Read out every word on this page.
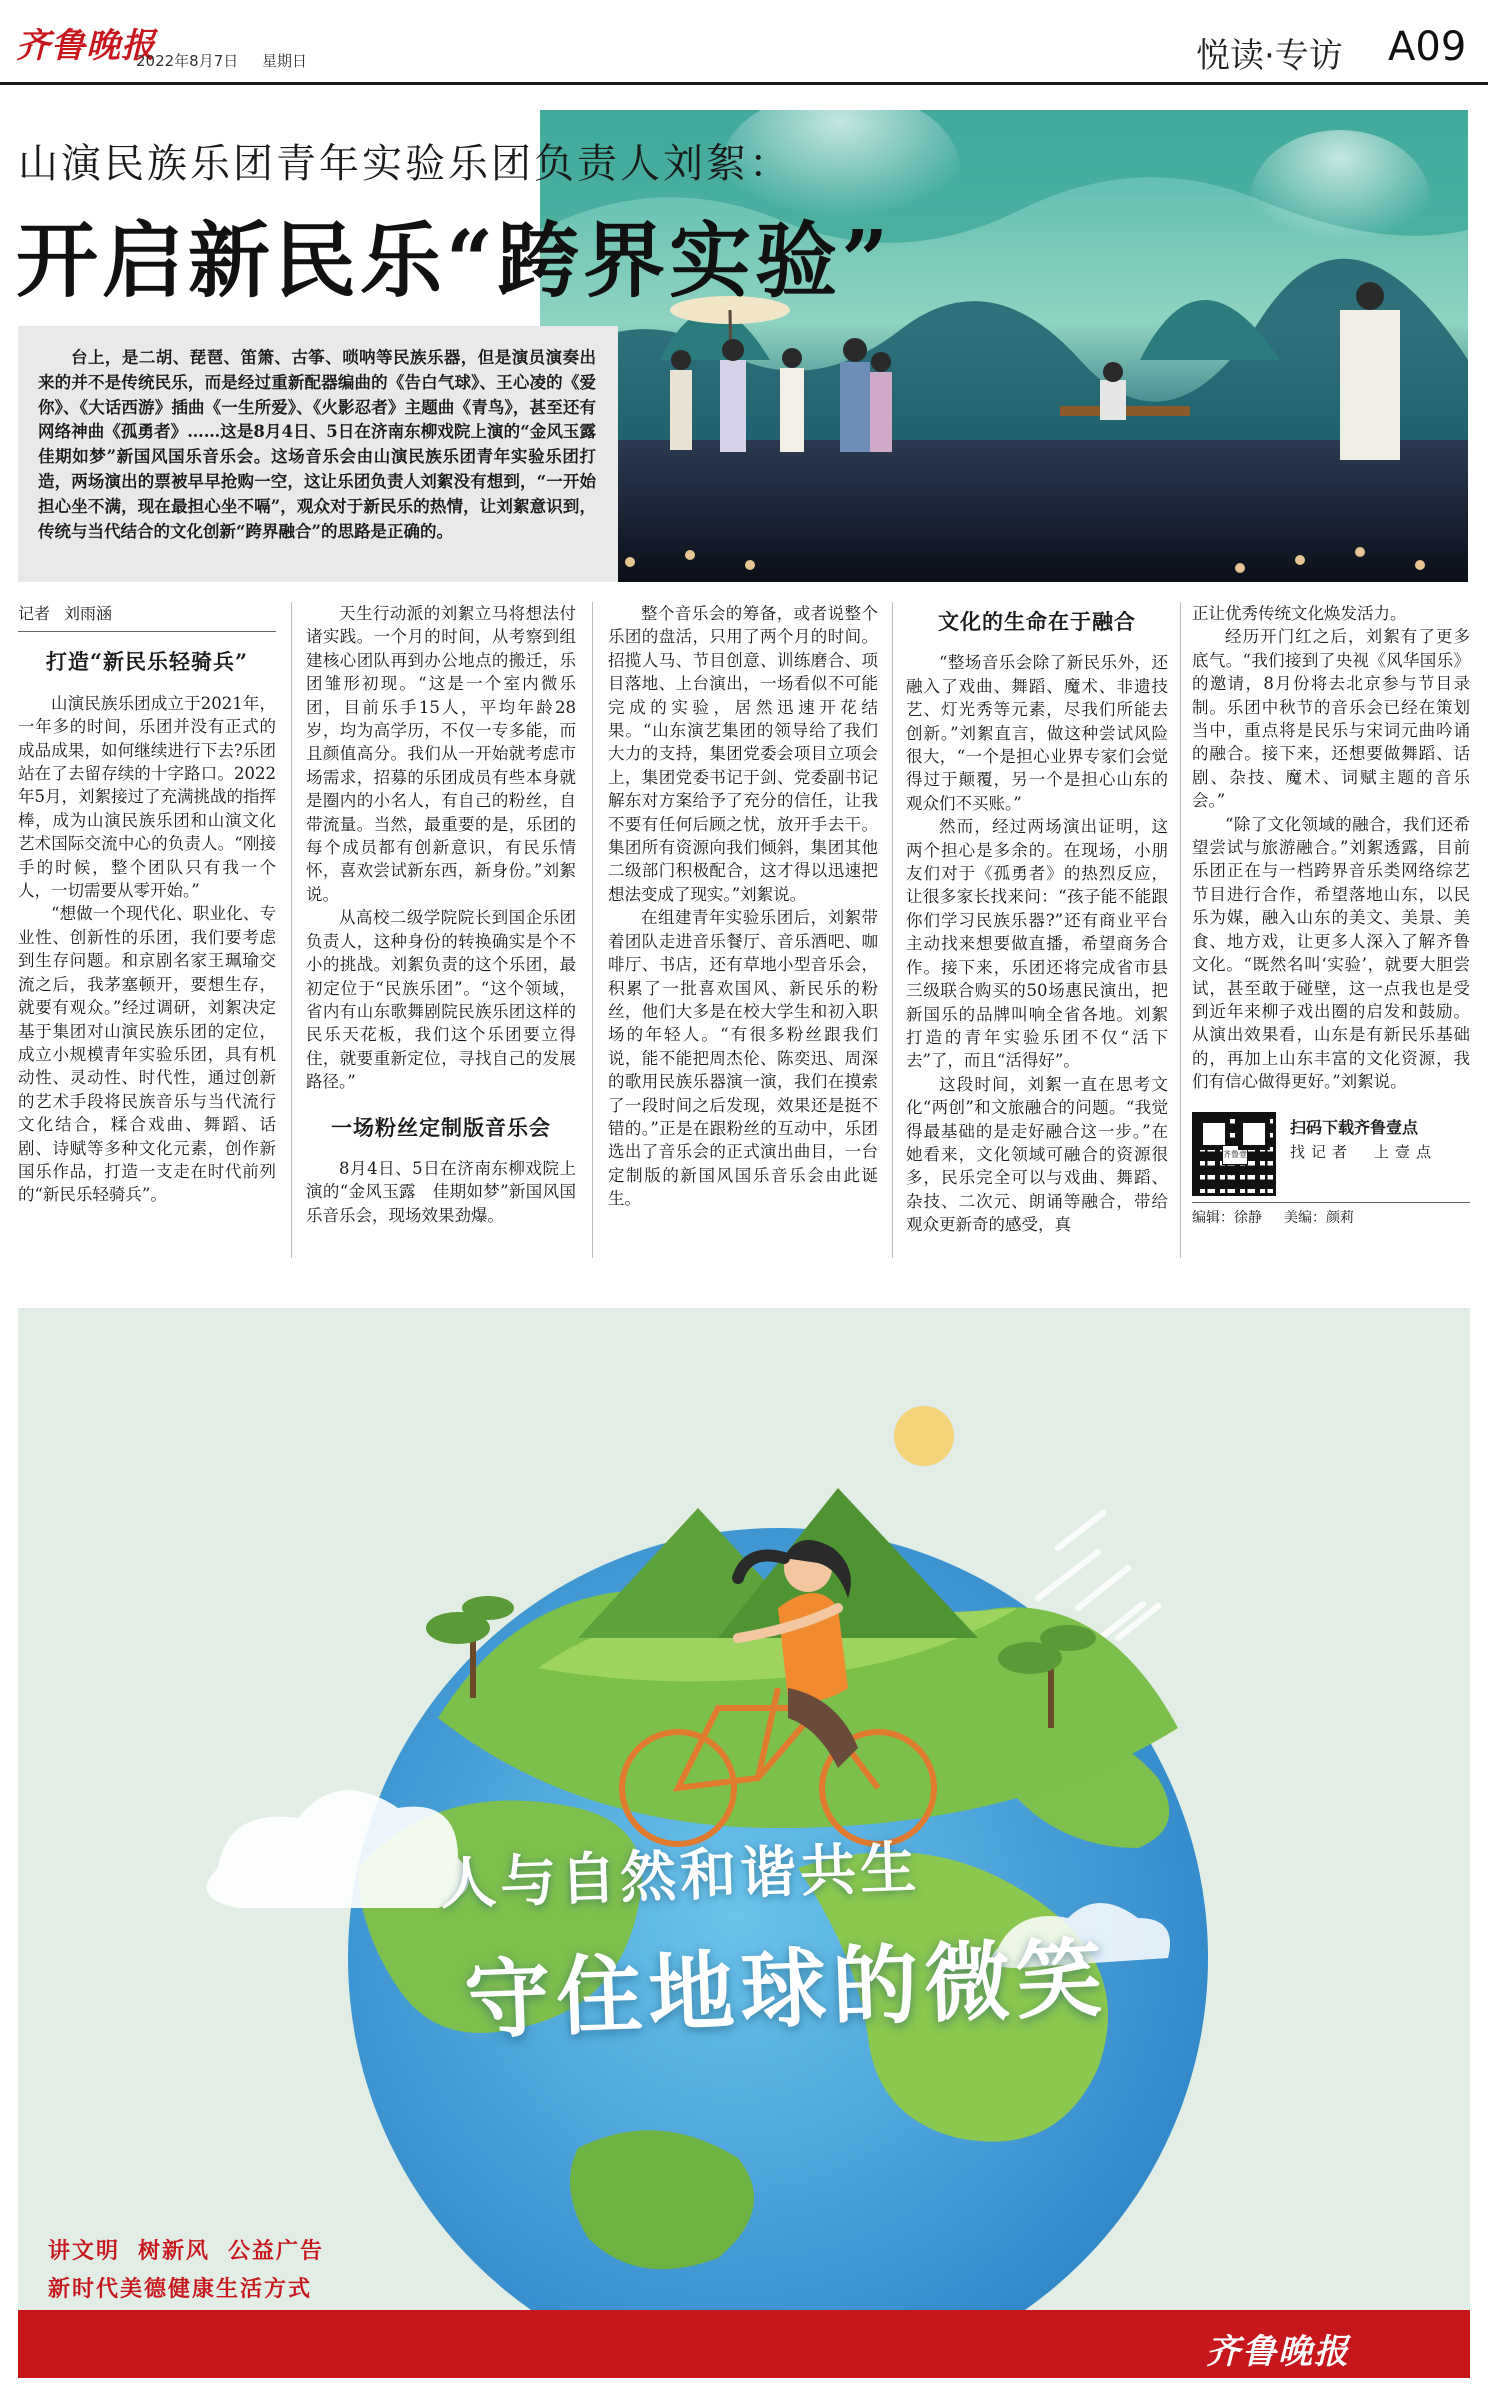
齐鲁晚报
2022年8月7日 星期日	悦读·专访 A09
山演民族乐团青年实验乐团负责人刘絮：
开启新民乐“跨界实验”

台上，是二胡、琵琶、笛箫、古筝、唢呐等民族乐器，但是演员演奏出来的并不是传统民乐，而是经过重新配器编曲的《告白气球》、王心凌的《爱你》、《大话西游》插曲《一生所爱》、《火影忍者》主题曲《青鸟》，甚至还有网络神曲《孤勇者》……这是8月4日、5日在济南东柳戏院上演的“金风玉露　佳期如梦”新国风国乐音乐会。这场音乐会由山演民族乐团青年实验乐团打造，两场演出的票被早早抢购一空，这让乐团负责人刘絮没有想到，“一开始担心坐不满，现在最担心坐不嗝”，观众对于新民乐的热情，让刘絮意识到，传统与当代结合的文化创新“跨界融合”的思路是正确的。

记者 刘雨涵
打造“新民乐轻骑兵”

山演民族乐团成立于2021年，一年多的时间，乐团并没有正式的成品成果，如何继续进行下去?乐团站在了去留存续的十字路口。2022年5月，刘絮接过了充满挑战的指挥棒，成为山演民族乐团和山演文化艺术国际交流中心的负责人。“刚接手的时候，整个团队只有我一个人，一切需要从零开始。”

“想做一个现代化、职业化、专业性、创新性的乐团，我们要考虑到生存问题。和京剧名家王珮瑜交流之后，我茅塞顿开，要想生存，就要有观众。”经过调研，刘絮决定基于集团对山演民族乐团的定位，成立小规模青年实验乐团，具有机动性、灵动性、时代性，通过创新的艺术手段将民族音乐与当代流行文化结合，糅合戏曲、舞蹈、话剧、诗赋等多种文化元素，创作新国乐作品，打造一支走在时代前列的“新民乐轻骑兵”。

天生行动派的刘絮立马将想法付诸实践。一个月的时间，从考察到组建核心团队再到办公地点的搬迁，乐团雏形初现。“这是一个室内微乐团，目前乐手15人，平均年龄28岁，均为高学历，不仅一专多能，而且颜值高分。我们从一开始就考虑市场需求，招募的乐团成员有些本身就是圈内的小名人，有自己的粉丝，自带流量。当然，最重要的是，乐团的每个成员都有创新意识，有民乐情怀，喜欢尝试新东西，新身份。”刘絮说。

从高校二级学院院长到国企乐团负责人，这种身份的转换确实是个不小的挑战。刘絮负责的这个乐团，最初定位于“民族乐团”。“这个领域，省内有山东歌舞剧院民族乐团这样的民乐天花板，我们这个乐团要立得住，就要重新定位，寻找自己的发展路径。”

一场粉丝定制版音乐会

8月4日、5日在济南东柳戏院上演的“金风玉露　佳期如梦”新国风国乐音乐会，现场效果劲爆。

整个音乐会的筹备，或者说整个乐团的盘活，只用了两个月的时间。招揽人马、节目创意、训练磨合、项目落地、上台演出，一场看似不可能完成的实验，居然迅速开花结果。“山东演艺集团的领导给了我们大力的支持，集团党委会项目立项会上，集团党委书记于剑、党委副书记解东对方案给予了充分的信任，让我不要有任何后顾之忧，放开手去干。集团所有资源向我们倾斜，集团其他二级部门积极配合，这才得以迅速把想法变成了现实。”刘絮说。

在组建青年实验乐团后，刘絮带着团队走进音乐餐厅、音乐酒吧、咖啡厅、书店，还有草地小型音乐会，积累了一批喜欢国风、新民乐的粉丝，他们大多是在校大学生和初入职场的年轻人。“有很多粉丝跟我们说，能不能把周杰伦、陈奕迅、周深的歌用民族乐器演一演，我们在摸索了一段时间之后发现，效果还是挺不错的。”正是在跟粉丝的互动中，乐团选出了音乐会的正式演出曲目，一台定制版的新国风国乐音乐会由此诞生。

文化的生命在于融合

“整场音乐会除了新民乐外，还融入了戏曲、舞蹈、魔术、非遗技艺、灯光秀等元素，尽我们所能去创新。”刘絮直言，做这种尝试风险很大，“一个是担心业界专家们会觉得过于颠覆，另一个是担心山东的观众们不买账。”

然而，经过两场演出证明，这两个担心是多余的。在现场，小朋友们对于《孤勇者》的热烈反应，让很多家长找来问：“孩子能不能跟你们学习民族乐器?”还有商业平台主动找来想要做直播，希望商务合作。接下来，乐团还将完成省市县三级联合购买的50场惠民演出，把新国乐的品牌叫响全省各地。刘絮打造的青年实验乐团不仅“活下去”了，而且“活得好”。

这段时间，刘絮一直在思考文化“两创”和文旅融合的问题。“我觉得最基础的是走好融合这一步。”在她看来，文化领域可融合的资源很多，民乐完全可以与戏曲、舞蹈、杂技、二次元、朗诵等融合，带给观众更新奇的感受，真

正让优秀传统文化焕发活力。

经历开门红之后，刘絮有了更多底气。“我们接到了央视《风华国乐》的邀请，8月份将去北京参与节目录制。乐团中秋节的音乐会已经在策划当中，重点将是民乐与宋词元曲吟诵的融合。接下来，还想要做舞蹈、话剧、杂技、魔术、词赋主题的音乐会。”

“除了文化领域的融合，我们还希望尝试与旅游融合。”刘絮透露，目前乐团正在与一档跨界音乐类网络综艺节目进行合作，希望落地山东，以民乐为媒，融入山东的美文、美景、美食、地方戏，让更多人深入了解齐鲁文化。“既然名叫‘实验’，就要大胆尝试，甚至敢于碰壁，这一点我也是受到近年来柳子戏出圈的启发和鼓励。从演出效果看，山东是有新民乐基础的，再加上山东丰富的文化资源，我们有信心做得更好。”刘絮说。

齐鲁壹点
扫码下载齐鲁壹点
找记者　上壹点
编辑：徐静 美编：颜莉
人与自然和谐共生
守住地球的微笑
讲文明 树新风 公益广告
新时代美德健康生活方式
齐鲁晚报
